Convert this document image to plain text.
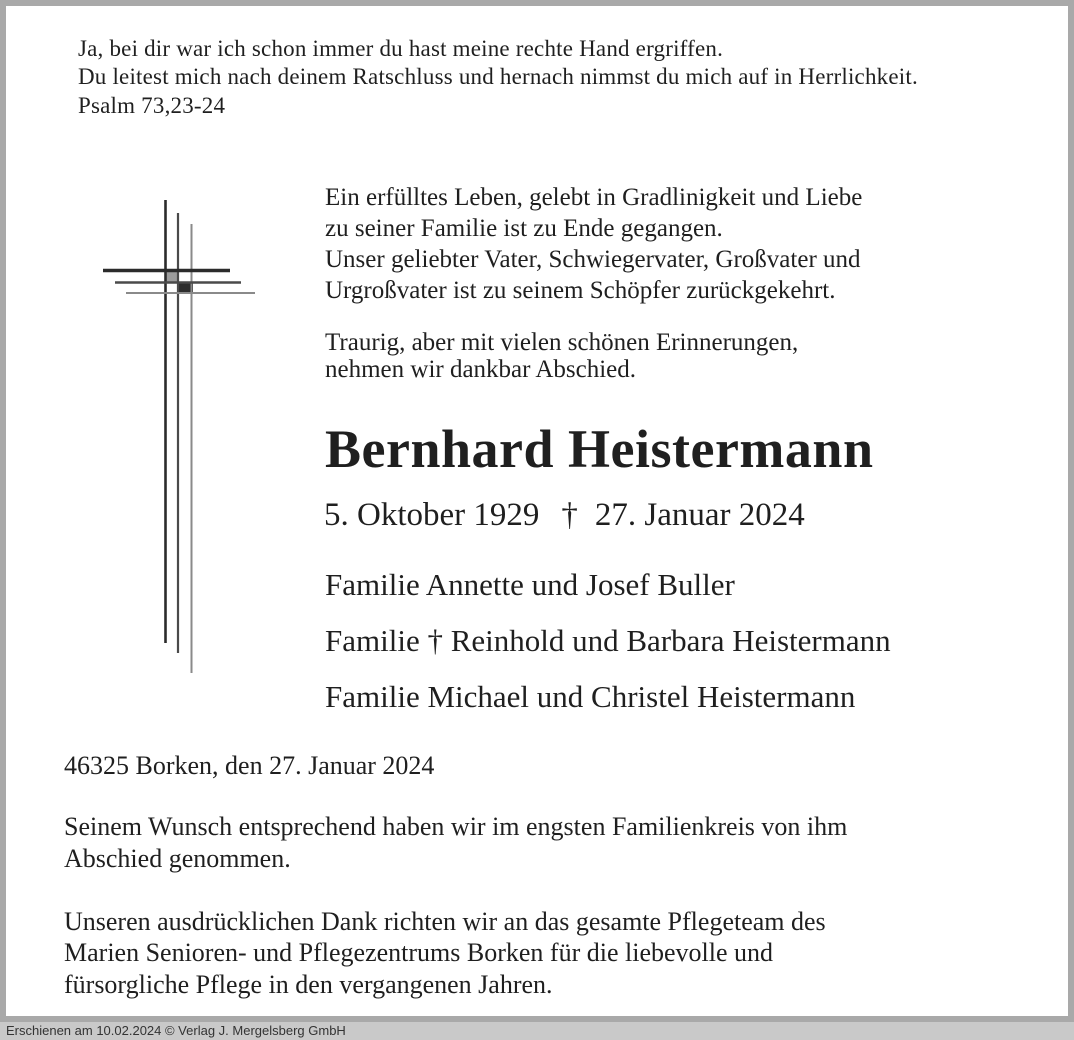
Ja, bei dir war ich schon immer du hast meine rechte Hand ergriffen.
Du leitest mich nach deinem Ratschluss und hernach nimmst du mich auf in Herrlichkeit.
Psalm 73,23-24
Ein erfülltes Leben, gelebt in Gradlinigkeit und Liebe
zu seiner Familie ist zu Ende gegangen.
Unser geliebter Vater, Schwiegervater, Großvater und
Urgroßvater ist zu seinem Schöpfer zurückgekehrt.
Traurig, aber mit vielen schönen Erinnerungen,
nehmen wir dankbar Abschied.
Bernhard Heistermann
5. Oktober 1929 † 27. Januar 2024
Familie Annette und Josef Buller
Familie † Reinhold und Barbara Heistermann
Familie Michael und Christel Heistermann
46325 Borken, den 27. Januar 2024
Seinem Wunsch entsprechend haben wir im engsten Familienkreis von ihm
Abschied genommen.
Unseren ausdrücklichen Dank richten wir an das gesamte Pflegeteam des
Marien Senioren- und Pflegezentrums Borken für die liebevolle und
fürsorgliche Pflege in den vergangenen Jahren.
Erschienen am 10.02.2024 © Verlag J. Mergelsberg GmbH
